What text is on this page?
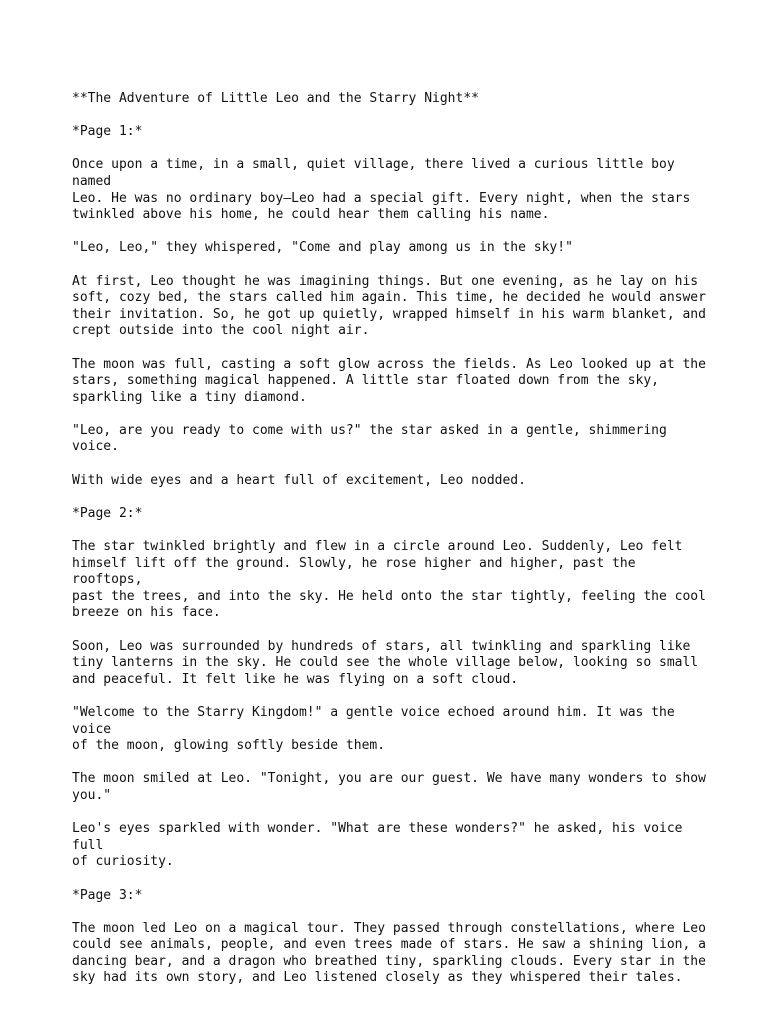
**The Adventure of Little Leo and the Starry Night**

*Page 1:*

Once upon a time, in a small, quiet village, there lived a curious little boy named
Leo. He was no ordinary boy—Leo had a special gift. Every night, when the stars
twinkled above his home, he could hear them calling his name.

"Leo, Leo," they whispered, "Come and play among us in the sky!"

At first, Leo thought he was imagining things. But one evening, as he lay on his
soft, cozy bed, the stars called him again. This time, he decided he would answer
their invitation. So, he got up quietly, wrapped himself in his warm blanket, and
crept outside into the cool night air.

The moon was full, casting a soft glow across the fields. As Leo looked up at the
stars, something magical happened. A little star floated down from the sky,
sparkling like a tiny diamond.

"Leo, are you ready to come with us?" the star asked in a gentle, shimmering voice.

With wide eyes and a heart full of excitement, Leo nodded.

*Page 2:*

The star twinkled brightly and flew in a circle around Leo. Suddenly, Leo felt
himself lift off the ground. Slowly, he rose higher and higher, past the rooftops,
past the trees, and into the sky. He held onto the star tightly, feeling the cool
breeze on his face.

Soon, Leo was surrounded by hundreds of stars, all twinkling and sparkling like
tiny lanterns in the sky. He could see the whole village below, looking so small
and peaceful. It felt like he was flying on a soft cloud.

"Welcome to the Starry Kingdom!" a gentle voice echoed around him. It was the voice
of the moon, glowing softly beside them.

The moon smiled at Leo. "Tonight, you are our guest. We have many wonders to show
you."

Leo's eyes sparkled with wonder. "What are these wonders?" he asked, his voice full
of curiosity.

*Page 3:*

The moon led Leo on a magical tour. They passed through constellations, where Leo
could see animals, people, and even trees made of stars. He saw a shining lion, a
dancing bear, and a dragon who breathed tiny, sparkling clouds. Every star in the
sky had its own story, and Leo listened closely as they whispered their tales.
